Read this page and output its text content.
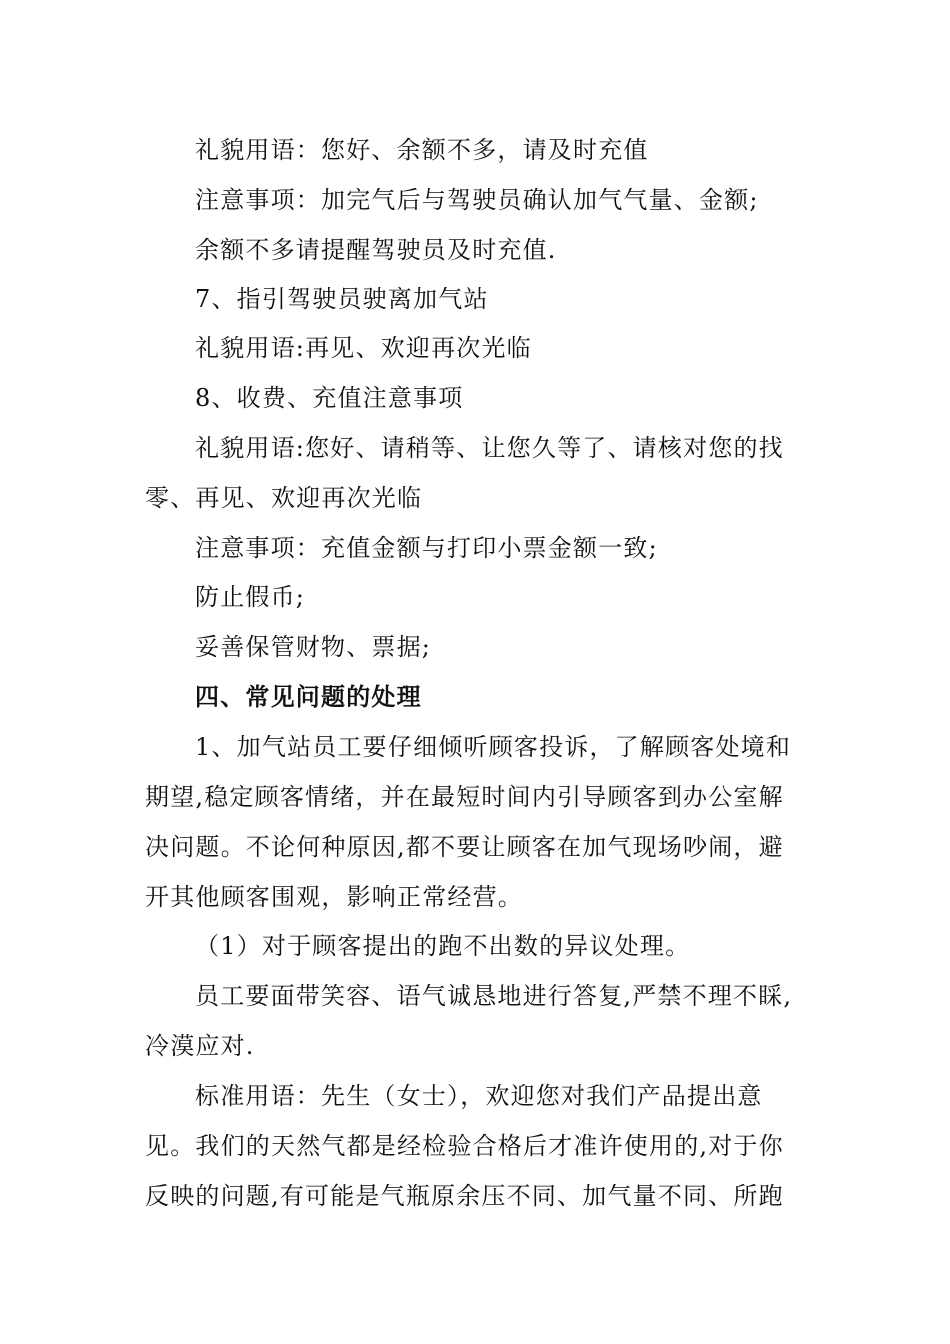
礼貌用语：您好、余额不多，请及时充值
注意事项：加完气后与驾驶员确认加气气量、金额;
余额不多请提醒驾驶员及时充值.
7、指引驾驶员驶离加气站
礼貌用语:再见、欢迎再次光临
8、收费、充值注意事项
礼貌用语:您好、请稍等、让您久等了、请核对您的找
零、再见、欢迎再次光临
注意事项：充值金额与打印小票金额一致;
防止假币;
妥善保管财物、票据;
四、常见问题的处理
1、加气站员工要仔细倾听顾客投诉，了解顾客处境和
期望,稳定顾客情绪，并在最短时间内引导顾客到办公室解
决问题。不论何种原因,都不要让顾客在加气现场吵闹，避
开其他顾客围观，影响正常经营。
（1）对于顾客提出的跑不出数的异议处理。
员工要面带笑容、语气诚恳地进行答复,严禁不理不睬,
冷漠应对.
标准用语：先生（女士），欢迎您对我们产品提出意
见。我们的天然气都是经检验合格后才准许使用的,对于你
反映的问题,有可能是气瓶原余压不同、加气量不同、所跑
